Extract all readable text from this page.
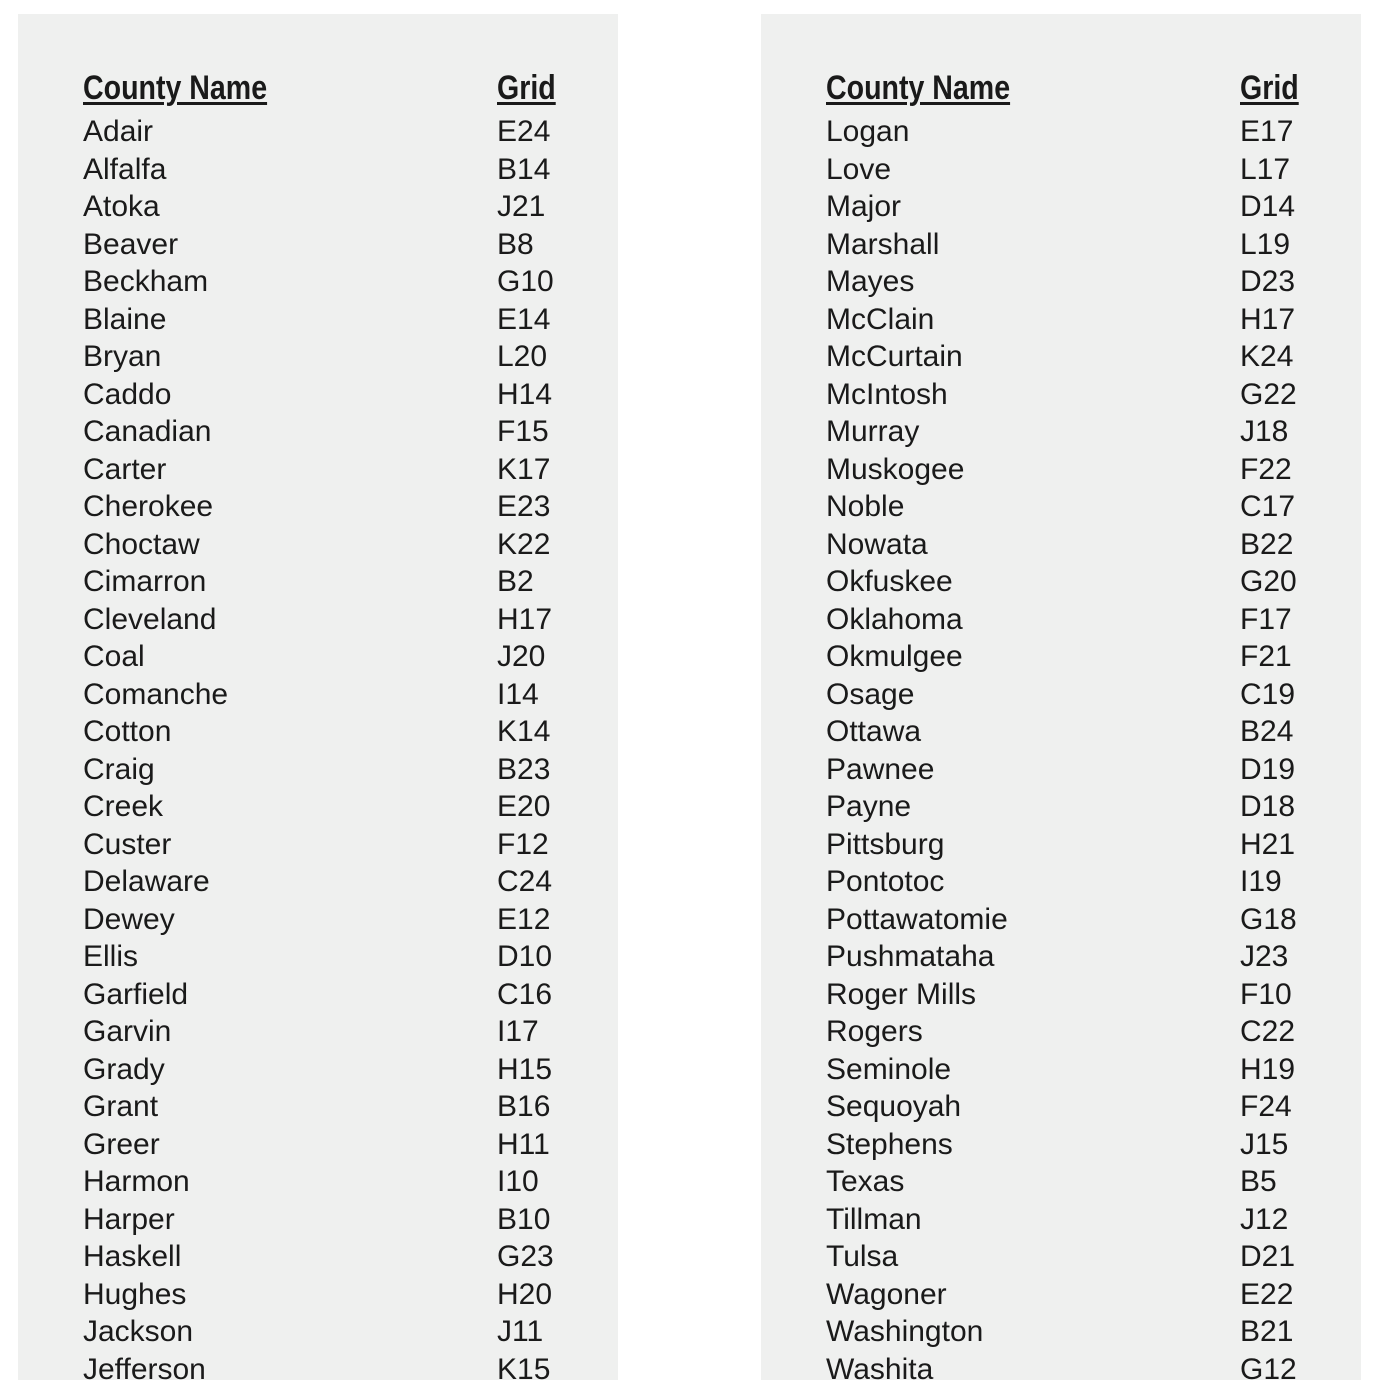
County Name	Grid
Adair	E24
Alfalfa	B14
Atoka	J21
Beaver	B8
Beckham	G10
Blaine	E14
Bryan	L20
Caddo	H14
Canadian	F15
Carter	K17
Cherokee	E23
Choctaw	K22
Cimarron	B2
Cleveland	H17
Coal	J20
Comanche	I14
Cotton	K14
Craig	B23
Creek	E20
Custer	F12
Delaware	C24
Dewey	E12
Ellis	D10
Garfield	C16
Garvin	I17
Grady	H15
Grant	B16
Greer	H11
Harmon	I10
Harper	B10
Haskell	G23
Hughes	H20
Jackson	J11
Jefferson	K15
County Name	Grid
Logan	E17
Love	L17
Major	D14
Marshall	L19
Mayes	D23
McClain	H17
McCurtain	K24
McIntosh	G22
Murray	J18
Muskogee	F22
Noble	C17
Nowata	B22
Okfuskee	G20
Oklahoma	F17
Okmulgee	F21
Osage	C19
Ottawa	B24
Pawnee	D19
Payne	D18
Pittsburg	H21
Pontotoc	I19
Pottawatomie	G18
Pushmataha	J23
Roger Mills	F10
Rogers	C22
Seminole	H19
Sequoyah	F24
Stephens	J15
Texas	B5
Tillman	J12
Tulsa	D21
Wagoner	E22
Washington	B21
Washita	G12
